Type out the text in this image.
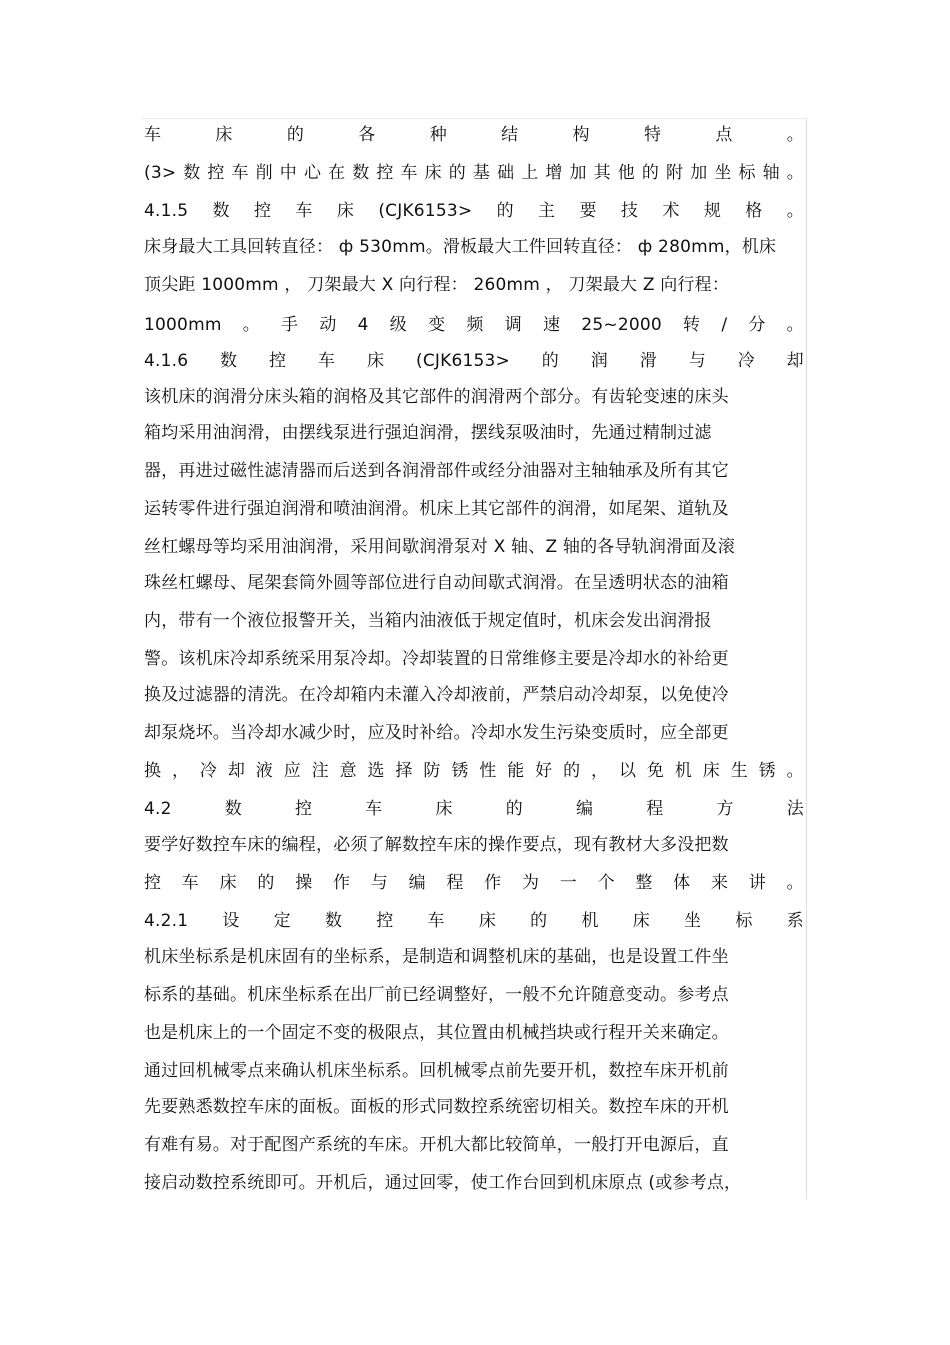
车	床	的	各	种	结	构	特	点	。
(3> 数 控 车 削 中 心 在 数 控 车 床 的 基 础 上 增 加 其 他 的 附 加 坐 标 轴 。
4.1.5 数 控 车 床 (CJK6153> 的 主 要 技 术 规 格 。
床身最大工具回转直径： ф 530mm。滑板最大工件回转直径： ф 280mm，机床
顶尖距 1000mm ， 刀架最大 X 向行程： 260mm ， 刀架最大 Z 向行程：
1000mm 。 手 动 4 级 变 频 调 速 25~2000 转 / 分 。
4.1.6 数 控 车 床 (CJK6153> 的 润 滑 与 冷 却
该机床的润滑分床头箱的润格及其它部件的润滑两个部分。有齿轮变速的床头
箱均采用油润滑，由摆线泵进行强迫润滑，摆线泵吸油时，先通过精制过滤
器，再进过磁性滤清器而后送到各润滑部件或经分油器对主轴轴承及所有其它
运转零件进行强迫润滑和喷油润滑。机床上其它部件的润滑，如尾架、道轨及
丝杠螺母等均采用油润滑，采用间歇润滑泵对 X 轴、Z 轴的各导轨润滑面及滚
珠丝杠螺母、尾架套筒外圆等部位进行自动间歇式润滑。在呈透明状态的油箱
内，带有一个液位报警开关，当箱内油液低于规定值时，机床会发出润滑报
警。该机床冷却系统采用泵冷却。冷却装置的日常维修主要是冷却水的补给更
换及过滤器的清洗。在冷却箱内未灌入冷却液前，严禁启动冷却泵，以免使冷
却泵烧坏。当冷却水减少时，应及时补给。冷却水发生污染变质时，应全部更
换 ， 冷 却 液 应 注 意 选 择 防 锈 性 能 好 的 ， 以 免 机 床 生 锈 。
4.2	数	控	车	床	的	编	程	方	法
要学好数控车床的编程，必须了解数控车床的操作要点，现有教材大多没把数
控 车 床 的 操 作 与 编 程 作 为 一 个 整 体 来 讲 。
4.2.1 设 定 数 控 车 床 的 机 床 坐 标 系
机床坐标系是机床固有的坐标系，是制造和调整机床的基础，也是设置工件坐
标系的基础。机床坐标系在出厂前已经调整好，一般不允许随意变动。参考点
也是机床上的一个固定不变的极限点，其位置由机械挡块或行程开关来确定。
通过回机械零点来确认机床坐标系。回机械零点前先要开机，数控车床开机前
先要熟悉数控车床的面板。面板的形式同数控系统密切相关。数控车床的开机
有难有易。对于配图产系统的车床。开机大都比较简单，一般打开电源后，直
接启动数控系统即可。开机后，通过回零，使工作台回到机床原点 (或参考点，
